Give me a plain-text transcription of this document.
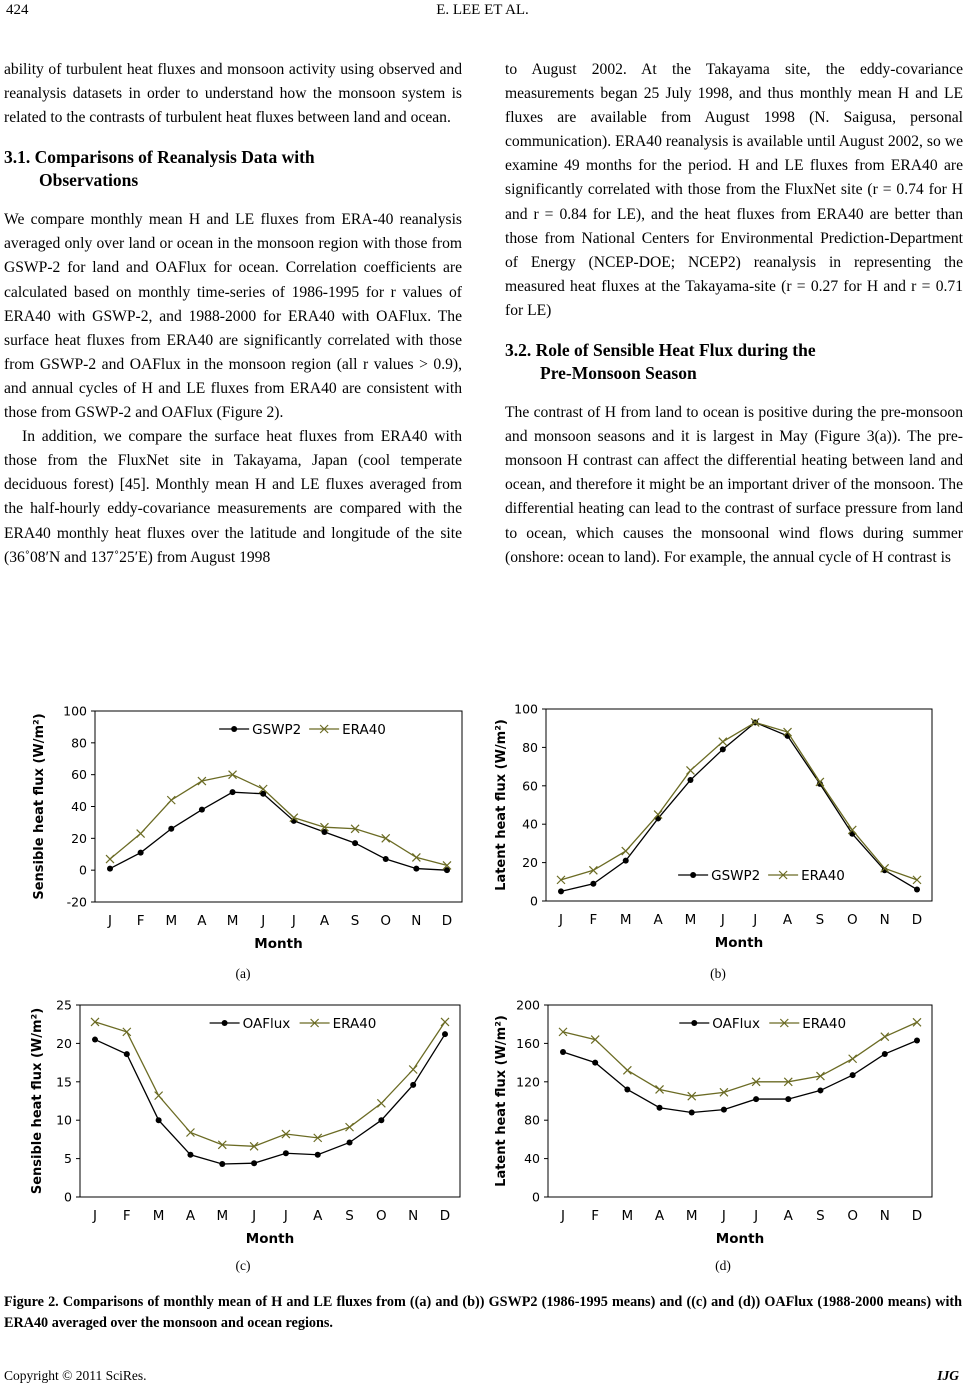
424	E. LEE ET AL.

ability of turbulent heat fluxes and monsoon activity using observed and reanalysis datasets in order to understand how the monsoon system is related to the contrasts of turbulent heat fluxes between land and ocean.

3.1. Comparisons of Reanalysis Data with
Observations

We compare monthly mean H and LE fluxes from ERA-40 reanalysis averaged only over land or ocean in the monsoon region with those from GSWP-2 for land and OAFlux for ocean. Correlation coefficients are calculated based on monthly time-series of 1986-1995 for r values of ERA40 with GSWP-2, and 1988-2000 for ERA40 with OAFlux. The surface heat fluxes from ERA40 are significantly correlated with those from GSWP-2 and OAFlux in the monsoon region (all r values > 0.9), and annual cycles of H and LE fluxes from ERA40 are consistent with those from GSWP-2 and OAFlux (Figure 2).

In addition, we compare the surface heat fluxes from ERA40 with those from the FluxNet site in Takayama, Japan (cool temperate deciduous forest) [45]. Monthly mean H and LE fluxes averaged from the half-hourly eddy-covariance measurements are compared with the ERA40 monthly heat fluxes over the latitude and longitude of the site (36˚08′N and 137˚25′E) from August 1998

to August 2002. At the Takayama site, the eddy-covariance measurements began 25 July 1998, and thus monthly mean H and LE fluxes are available from August 1998 (N. Saigusa, personal communication). ERA40 reanalysis is available until August 2002, so we examine 49 months for the period. H and LE fluxes from ERA40 are significantly correlated with those from the FluxNet site (r = 0.74 for H and r = 0.84 for LE), and the heat fluxes from ERA40 are better than those from National Centers for Environmental Prediction-Department of Energy (NCEP-DOE; NCEP2) reanalysis in representing the measured heat fluxes at the Takayama-site (r = 0.27 for H and r = 0.71 for LE)

3.2. Role of Sensible Heat Flux during the
Pre-Monsoon Season

The contrast of H from land to ocean is positive during the pre-monsoon and monsoon seasons and it is largest in May (Figure 3(a)). The pre-monsoon H contrast can affect the differential heating between land and ocean, and therefore it might be an important driver of the monsoon. The differential heating can lead to the contrast of surface pressure from land to ocean, which causes the monsoonal wind flows during summer (onshore: ocean to land). For example, the annual cycle of H contrast is

-20
0
20
40
60
80
100
J F M A M J J A S O N D
Month
Sensible heat flux (W/m²)	GSWP2	ERA40
0
20
40
60
80
100
J F M A M J J A S O N D
Month
Latent heat flux (W/m²)	GSWP2	ERA40
0
5
10
15
20
25
J F M A M J J A S O N D
Month
Sensible heat flux (W/m²)	OAFlux	ERA40
0
40
80
120
160
200
J F M A M J J A S O N D
Month
Latent heat flux (W/m²)	OAFlux	ERA40
(a)	(b)
(c)	(d)
Figure 2. Comparisons of monthly mean of H and LE fluxes from ((a) and (b)) GSWP2 (1986-1995 means) and ((c) and (d)) OAFlux (1988-2000 means) with ERA40 averaged over the monsoon and ocean regions.
Copyright © 2011 SciRes.	IJG
